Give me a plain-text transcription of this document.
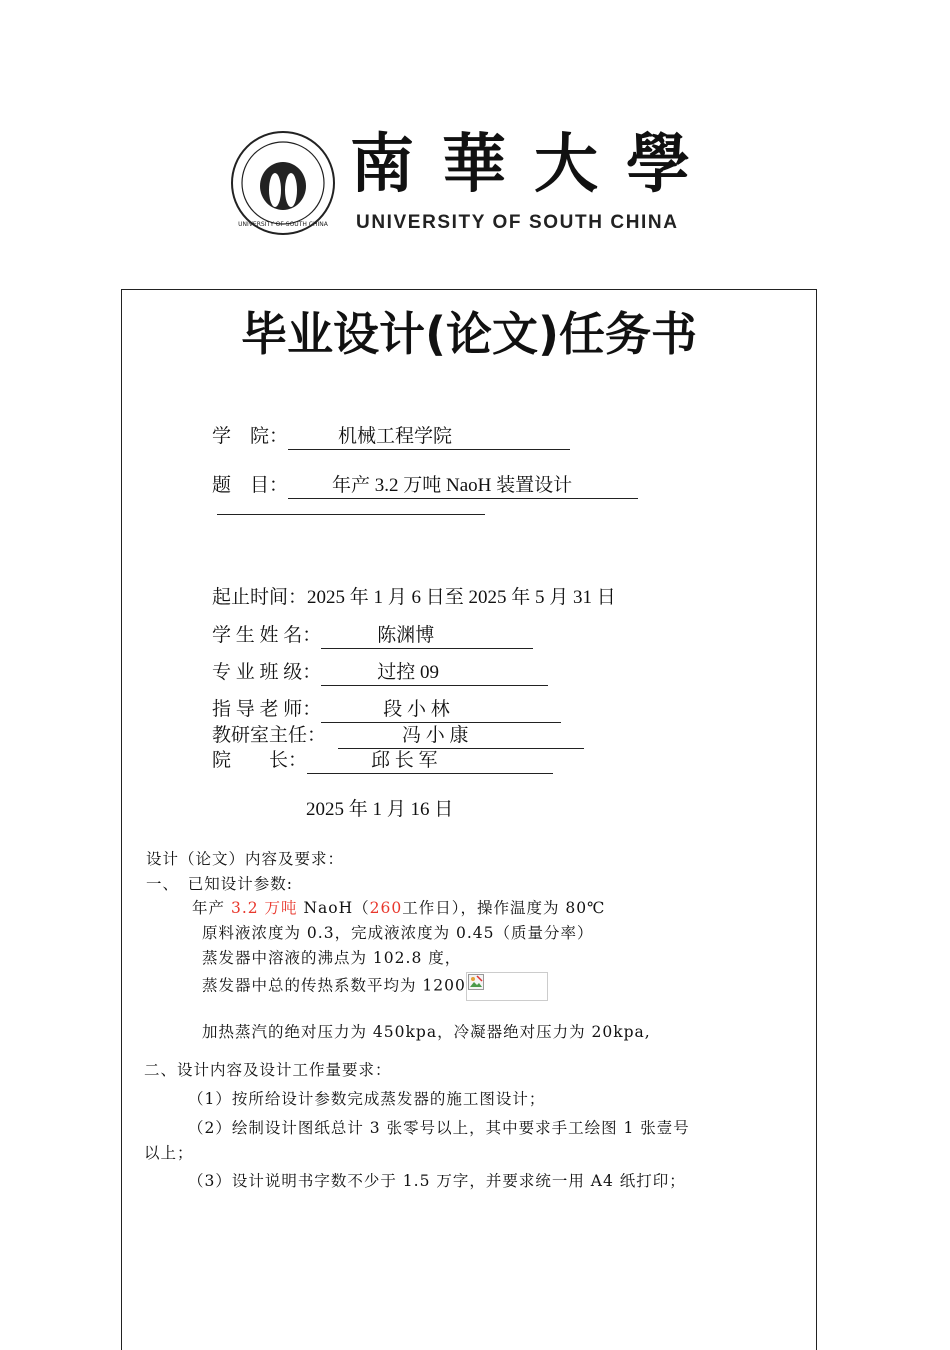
UNIVERSITY OF SOUTH CHINA
南華大學
UNIVERSITY OF SOUTH CHINA
毕业设计(论文)任务书
学　院：	机械工程学院
题　目： 年产 3.2 万吨 NaoH 装置设计
起止时间：2025 年 1 月 6 日至 2025 年 5 月 31 日
学 生 姓 名：	陈渊博
专 业 班 级：	过控 09
指 导 老 师：	段 小 林
教研室主任：	冯 小 康
院　　长：	邱 长 军
2025 年 1 月 16 日
设计（论文）内容及要求：
一、　已知设计参数:
年产 3.2 万吨 NaoH（260工作日），操作温度为 80℃
原料液浓度为 0.3，完成液浓度为 0.45（质量分率）
蒸发器中溶液的沸点为 102.8 度，
蒸发器中总的传热系数平均为 1200
加热蒸汽的绝对压力为 450kpa，冷凝器绝对压力为 20kpa,
二、设计内容及设计工作量要求：
（1）按所给设计参数完成蒸发器的施工图设计；
（2）绘制设计图纸总计 3 张零号以上，其中要求手工绘图 1 张壹号
以上；
（3）设计说明书字数不少于 1.5 万字，并要求统一用 A4 纸打印；
